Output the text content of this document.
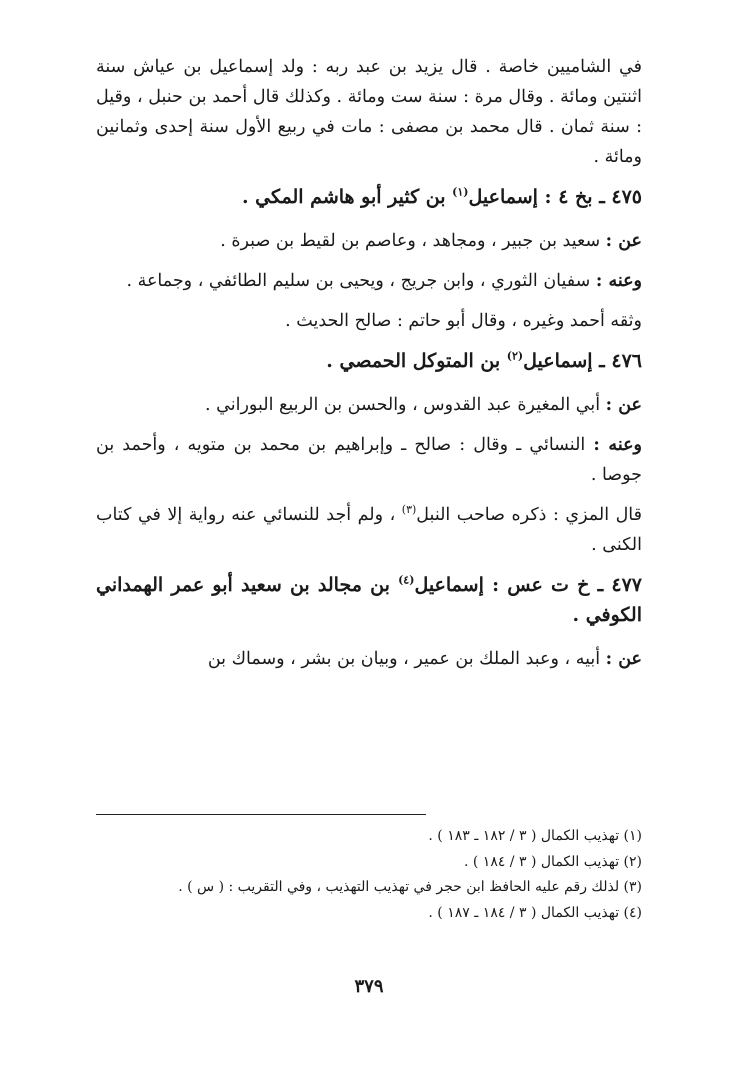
في الشاميين خاصة . قال يزيد بن عبد ربه : ولد إسماعيل بن عياش سنة اثنتين ومائة . وقال مرة : سنة ست ومائة . وكذلك قال أحمد بن حنبل ، وقيل : سنة ثمان . قال محمد بن مصفى : مات في ربيع الأول سنة إحدى وثمانين ومائة .

٤٧٥ ـ بخ ٤ : إسماعيل$^{(١)}$ بن كثير أبو هاشم المكي .

عن : سعيد بن جبير ، ومجاهد ، وعاصم بن لقيط بن صبرة .

وعنه : سفيان الثوري ، وابن جريج ، ويحيى بن سليم الطائفي ، وجماعة .

وثقه أحمد وغيره ، وقال أبو حاتم : صالح الحديث .

٤٧٦ ـ إسماعيل$^{(٢)}$ بن المتوكل الحمصي .

عن : أبي المغيرة عبد القدوس ، والحسن بن الربيع البوراني .

وعنه : النسائي ـ وقال : صالح ـ وإبراهيم بن محمد بن متويه ، وأحمد بن جوصا .

قال المزي : ذكره صاحب النبل$^{(٣)}$ ، ولم أجد للنسائي عنه رواية إلا في كتاب الكنى .

٤٧٧ ـ خ ت عس : إسماعيل$^{(٤)}$ بن مجالد بن سعيد أبو عمر الهمداني الكوفي .

عن : أبيه ، وعبد الملك بن عمير ، وبيان بن بشر ، وسماك بن

(١) تهذيب الكمال ( ٣ / ١٨٢ ـ ١٨٣ ) .
(٢) تهذيب الكمال ( ٣ / ١٨٤ ) .
(٣) لذلك رقم عليه الحافظ ابن حجر في تهذيب التهذيب ، وفي التقريب : ( س ) .
(٤) تهذيب الكمال ( ٣ / ١٨٤ ـ ١٨٧ ) .
٣٧٩
